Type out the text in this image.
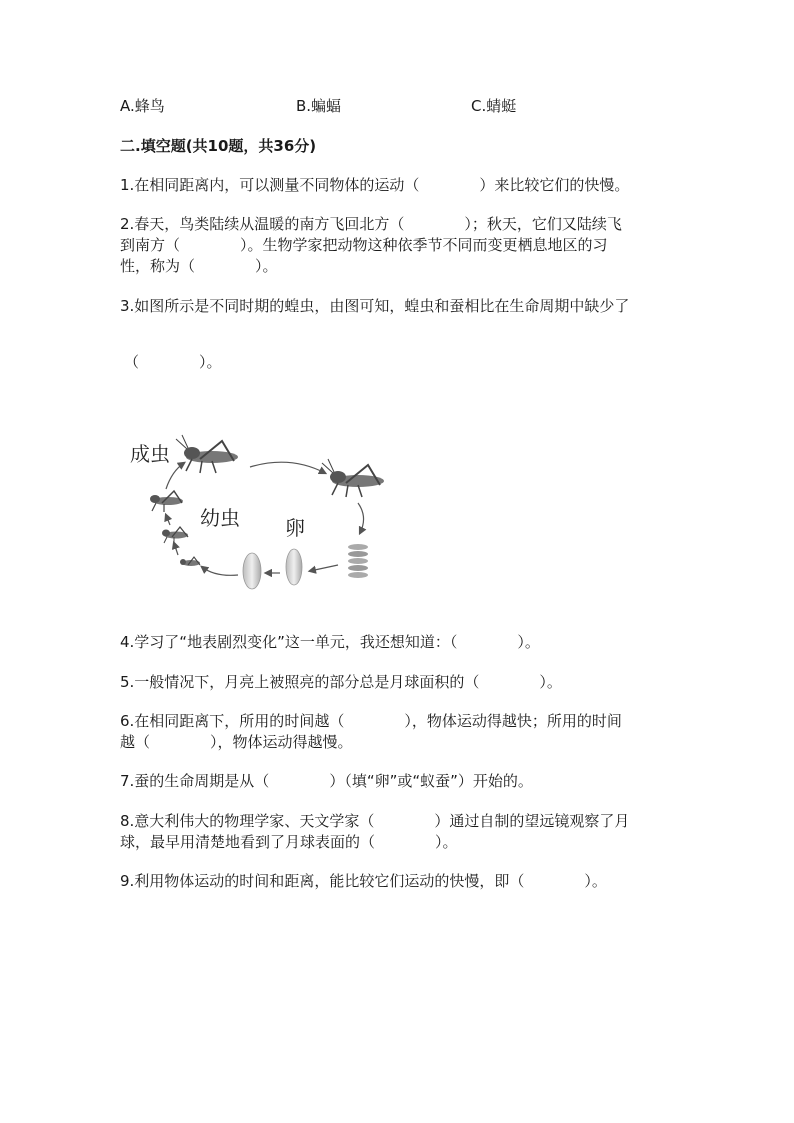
A.蜂鸟	B.蝙蝠	C.蜻蜓
二.填空题(共10题，共36分)
1.在相同距离内，可以测量不同物体的运动（　　　　）来比较它们的快慢。
2.春天，鸟类陆续从温暖的南方飞回北方（　　　　）；秋天，它们又陆续飞
到南方（　　　　）。生物学家把动物这种依季节不同而变更栖息地区的习
性，称为（　　　　）。
3.如图所示是不同时期的蝗虫，由图可知，蝗虫和蚕相比在生命周期中缺少了
（　　　　）。
成虫
幼虫 卵
4.学习了“地表剧烈变化”这一单元，我还想知道：（　　　　）。
5.一般情况下，月亮上被照亮的部分总是月球面积的（　　　　）。
6.在相同距离下，所用的时间越（　　　　），物体运动得越快；所用的时间
越（　　　　），物体运动得越慢。
7.蚕的生命周期是从（　　　　）（填“卵”或“蚁蚕”）开始的。
8.意大利伟大的物理学家、天文学家（　　　　）通过自制的望远镜观察了月
球，最早用清楚地看到了月球表面的（　　　　）。
9.利用物体运动的时间和距离，能比较它们运动的快慢，即（　　　　）。
